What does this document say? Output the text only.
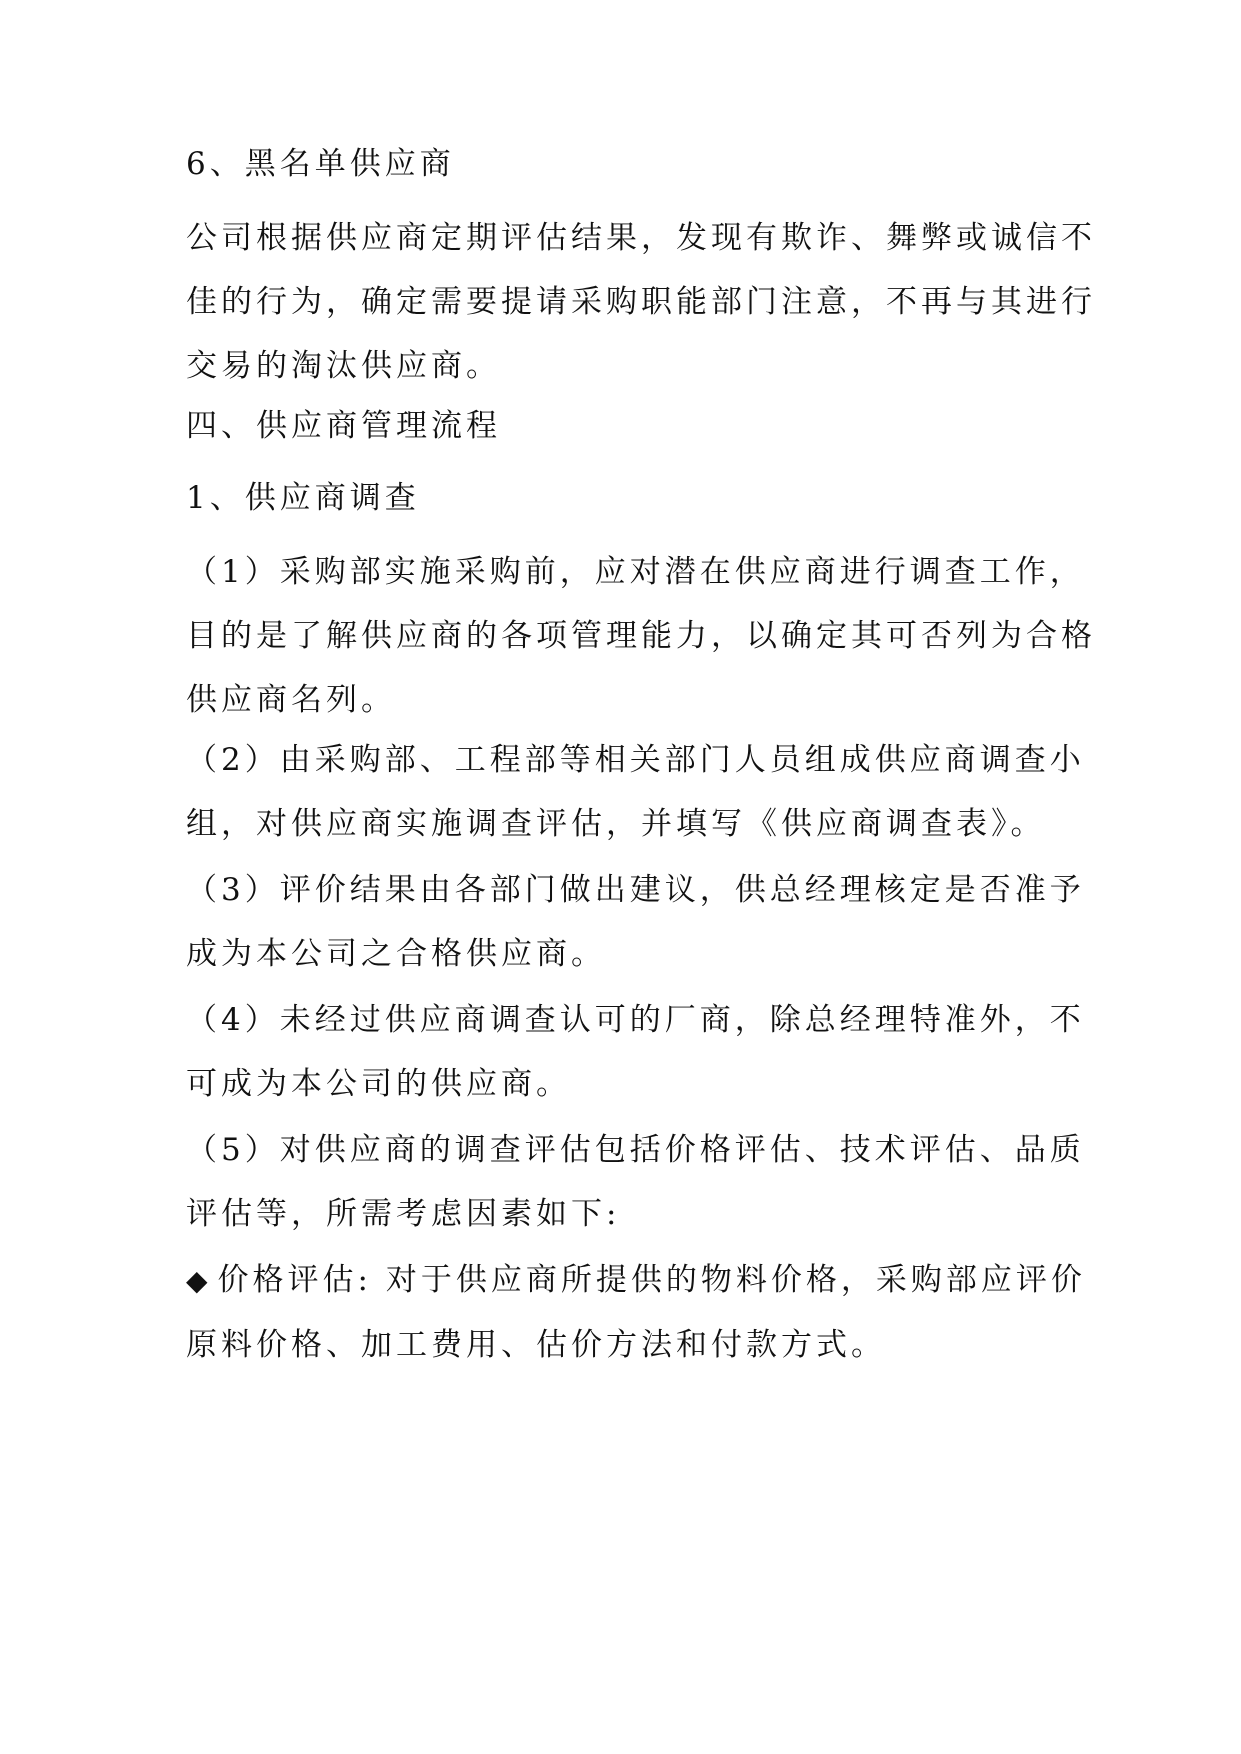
6、黑名单供应商
公司根据供应商定期评估结果，发现有欺诈、舞弊或诚信不
佳的行为，确定需要提请采购职能部门注意，不再与其进行
交易的淘汰供应商。
四、供应商管理流程
1、供应商调查
（1）采购部实施采购前，应对潜在供应商进行调查工作，
目的是了解供应商的各项管理能力，以确定其可否列为合格
供应商名列。
（2）由采购部、工程部等相关部门人员组成供应商调查小
组，对供应商实施调查评估，并填写《供应商调查表》。
（3）评价结果由各部门做出建议，供总经理核定是否准予
成为本公司之合格供应商。
（4）未经过供应商调查认可的厂商，除总经理特准外，不
可成为本公司的供应商。
（5）对供应商的调查评估包括价格评估、技术评估、品质
评估等，所需考虑因素如下:
◆ 价格评估: 对于供应商所提供的物料价格，采购部应评价
原料价格、加工费用、估价方法和付款方式。
